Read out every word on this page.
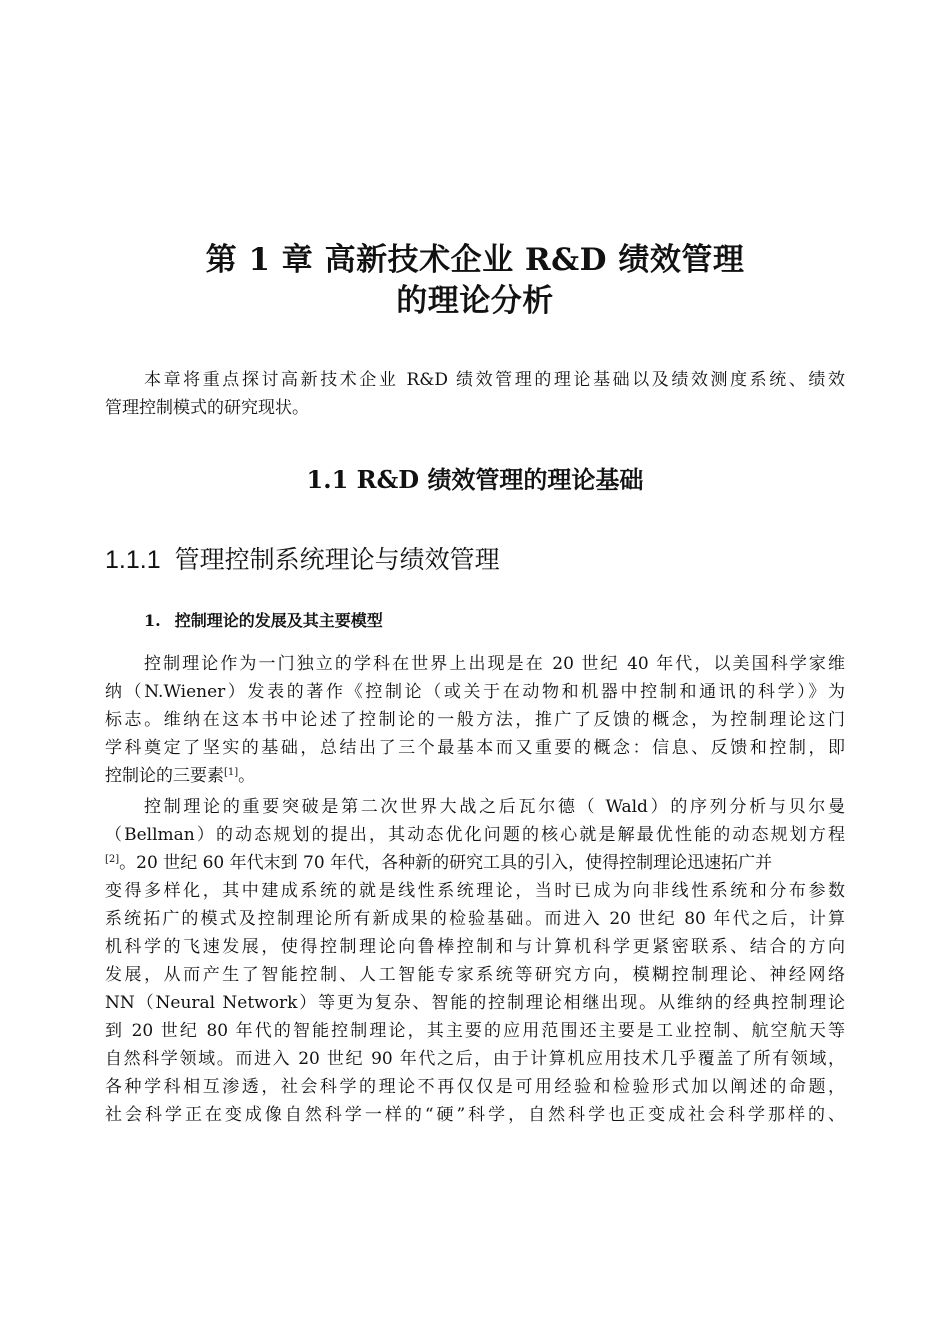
第 1 章 高新技术企业 R&D 绩效管理
的理论分析
本章将重点探讨高新技术企业 R&D 绩效管理的理论基础以及绩效测度系统、绩效
管理控制模式的研究现状。
1.1 R&D 绩效管理的理论基础
1.1.1 管理控制系统理论与绩效管理
1. 控制理论的发展及其主要模型
控制理论作为一门独立的学科在世界上出现是在 20 世纪 40 年代，以美国科学家维
纳（N.Wiener）发表的著作《控制论（或关于在动物和机器中控制和通讯的科学）》为
标志。维纳在这本书中论述了控制论的一般方法，推广了反馈的概念，为控制理论这门
学科奠定了坚实的基础，总结出了三个最基本而又重要的概念：信息、反馈和控制，即
控制论的三要素[1]。
控制理论的重要突破是第二次世界大战之后瓦尔德（ Wald）的序列分析与贝尔曼
（Bellman）的动态规划的提出，其动态优化问题的核心就是解最优性能的动态规划方程
[2]。20 世纪 60 年代末到 70 年代，各种新的研究工具的引入，使得控制理论迅速拓广并
变得多样化，其中建成系统的就是线性系统理论，当时已成为向非线性系统和分布参数
系统拓广的模式及控制理论所有新成果的检验基础。而进入 20 世纪 80 年代之后，计算
机科学的飞速发展，使得控制理论向鲁棒控制和与计算机科学更紧密联系、结合的方向
发展，从而产生了智能控制、人工智能专家系统等研究方向，模糊控制理论、神经网络
NN（Neural Network）等更为复杂、智能的控制理论相继出现。从维纳的经典控制理论
到 20 世纪 80 年代的智能控制理论，其主要的应用范围还主要是工业控制、航空航天等
自然科学领域。而进入 20 世纪 90 年代之后，由于计算机应用技术几乎覆盖了所有领域，
各种学科相互渗透，社会科学的理论不再仅仅是可用经验和检验形式加以阐述的命题，
社会科学正在变成像自然科学一样的“硬”科学，自然科学也正变成社会科学那样的、
